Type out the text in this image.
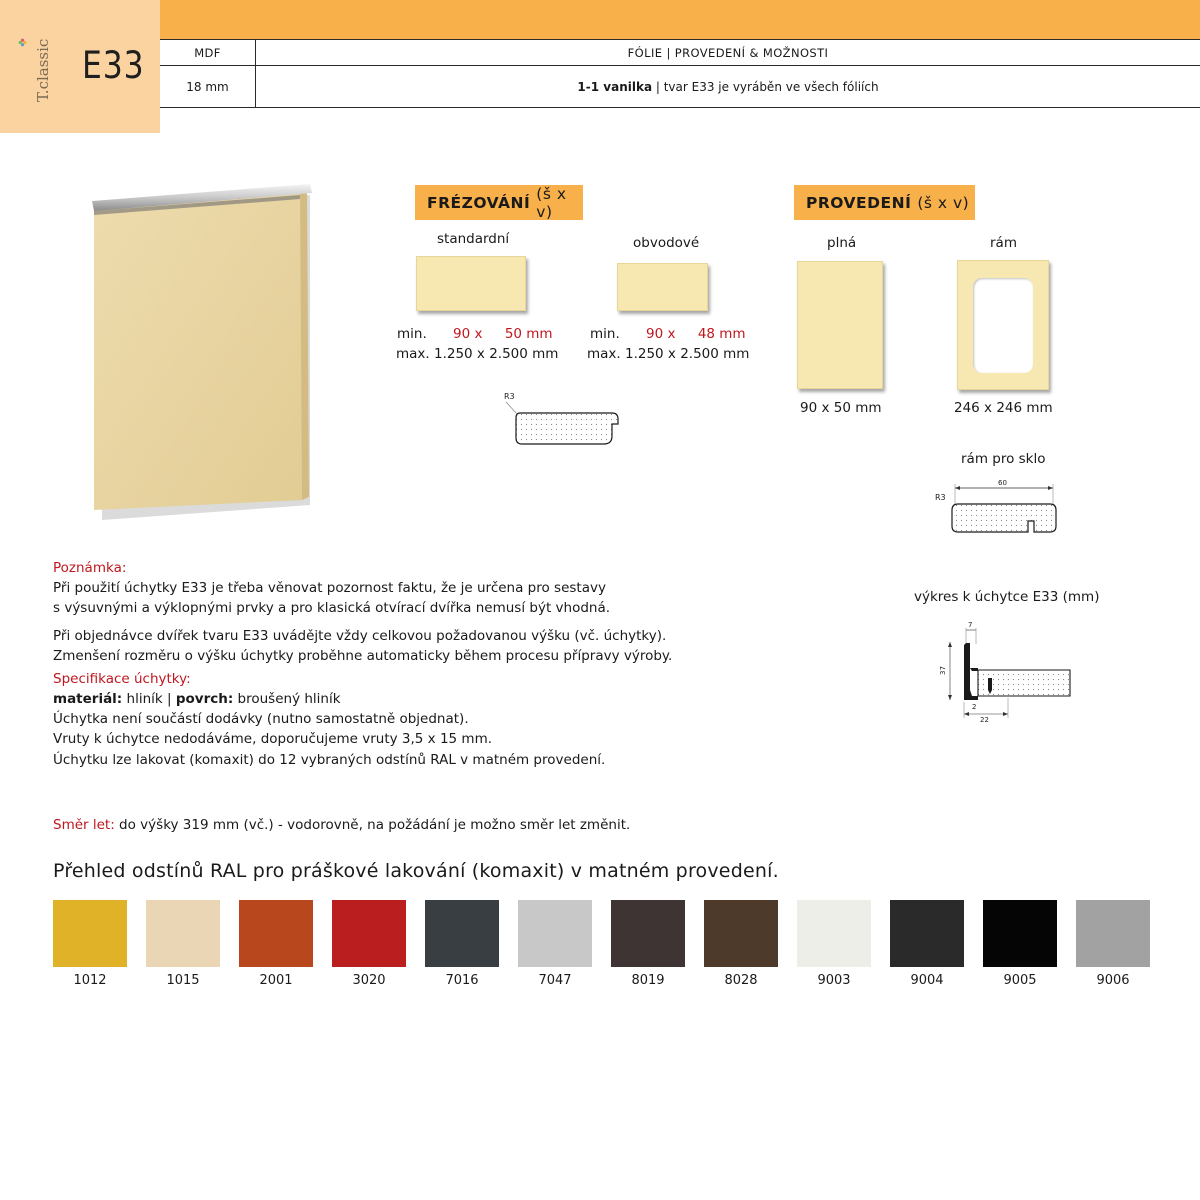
T.classic E33	MDF	FÓLIE | PROVEDENÍ & MOŽNOSTI
18 mm	1-1 vanilka | tvar E33 je vyráběn ve všech fóliích
FRÉZOVÁNÍ (š x v)
standardní
min. 90 x 50 mm
max. 1.250 x 2.500 mm
obvodové
min. 90 x 48 mm
max. 1.250 x 2.500 mm
R3
PROVEDENÍ (š x v)
plná
90 x 50 mm
rám
246 x 246 mm
rám pro sklo
R3
60
výkres k úchytce E33 (mm)
7
37
2
22

Poznámka:

Při použití úchytky E33 je třeba věnovat pozornost faktu, že je určena pro sestavy

s výsuvnými a výklopnými prvky a pro klasická otvírací dvířka nemusí být vhodná.

Při objednávce dvířek tvaru E33 uvádějte vždy celkovou požadovanou výšku (vč. úchytky).

Zmenšení rozměru o výšku úchytky proběhne automaticky během procesu přípravy výroby.

Specifikace úchytky:

materiál: hliník | povrch: broušený hliník

Úchytka není součástí dodávky (nutno samostatně objednat).

Vruty k úchytce nedodáváme, doporučujeme vruty 3,5 x 15 mm.

Úchytku lze lakovat (komaxit) do 12 vybraných odstínů RAL v matném provedení.

Směr let: do výšky 319 mm (vč.) - vodorovně, na požádání je možno směr let změnit.
Přehled odstínů RAL pro práškové lakování (komaxit) v matném provedení.
1012	1015	2001	3020	7016	7047	8019	8028	9003	9004	9005	9006
